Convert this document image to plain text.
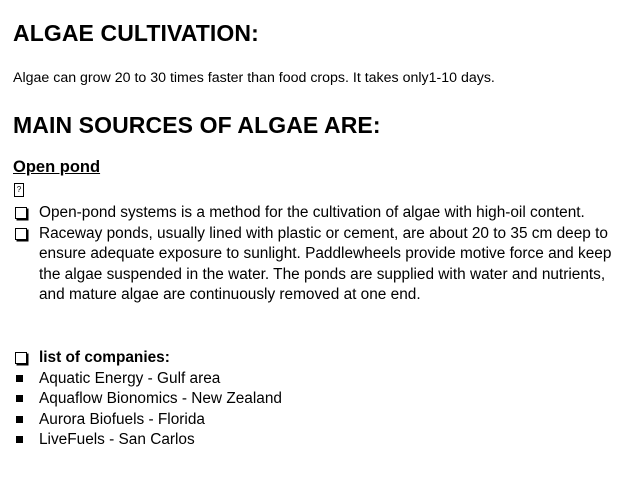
ALGAE CULTIVATION:
Algae can grow 20 to 30 times faster than food crops. It takes only1-10 days.
MAIN SOURCES OF ALGAE ARE:
Open pond
?
Open-pond systems is a method for the cultivation of algae with high-oil content.
Raceway ponds, usually lined with plastic or cement, are about 20 to 35 cm deep to ensure adequate exposure to sunlight. Paddlewheels provide motive force and keep the algae suspended in the water. The ponds are supplied with water and nutrients, and mature algae are continuously removed at one end.
list of companies:
Aquatic Energy - Gulf area
Aquaflow Bionomics - New Zealand
Aurora Biofuels - Florida
LiveFuels - San Carlos
